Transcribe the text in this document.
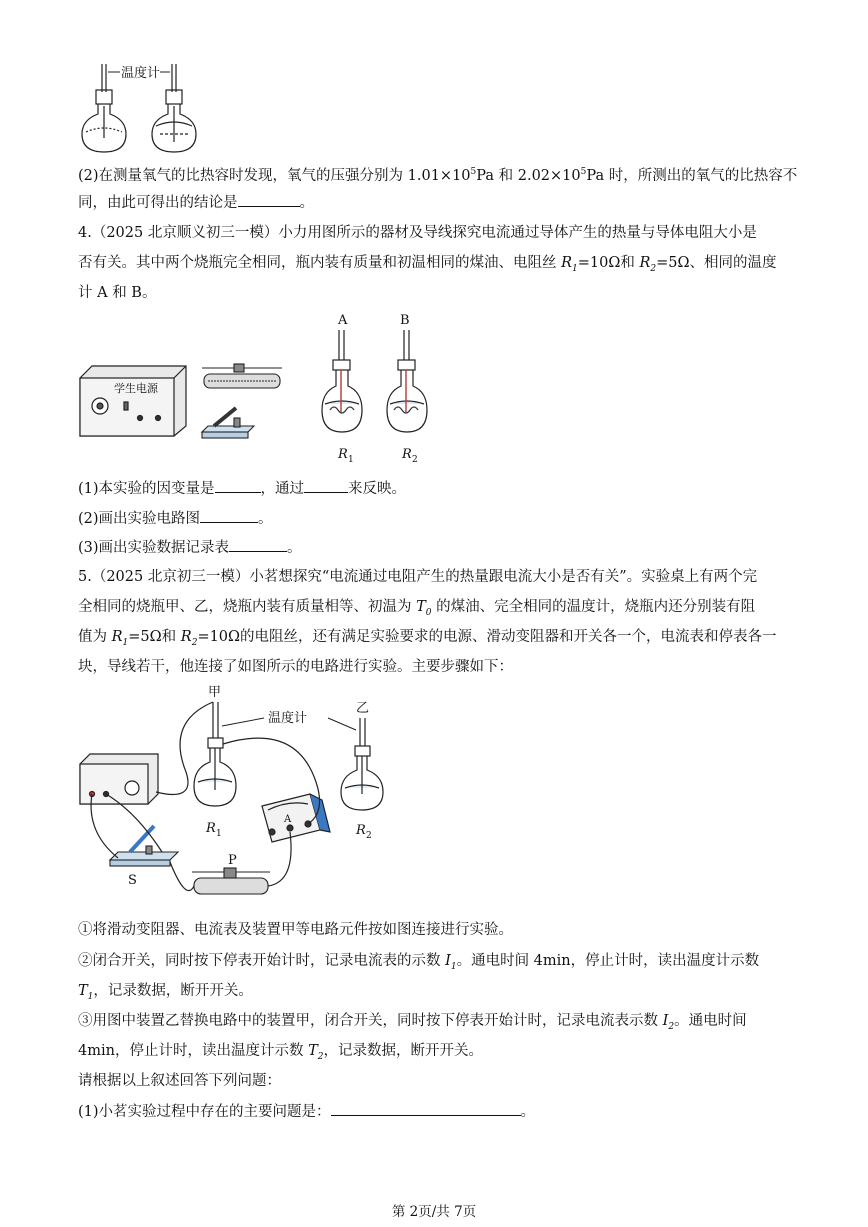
温度计
(2)在测量氧气的比热容时发现，氧气的压强分别为 $1.01\times 10^5Pa$ 和 $2.02\times 10^5Pa$ 时，所测出的氧气的比热容不
同，由此可得出的结论是	。
4.（2025 北京顺义初三一模）小力用图所示的器材及导线探究电流通过导体产生的热量与导体电阻大小是
否有关。其中两个烧瓶完全相同，瓶内装有质量和初温相同的煤油、电阻丝 $R_1=10\Omega$和 $R_2=5\Omega$、相同的温度
计 A 和 B。
学生电源
A	B
R 1	R 2
(1)本实验的因变量是	，通过	来反映。
(2)画出实验电路图	。
(3)画出实验数据记录表	。
5.（2025 北京初三一模）小茗想探究“电流通过电阻产生的热量跟电流大小是否有关”。实验桌上有两个完
全相同的烧瓶甲、乙，烧瓶内装有质量相等、初温为 $T_0$ 的煤油、完全相同的温度计，烧瓶内还分别装有阻
值为 $R_1=5\Omega$和 $R_2=10\Omega$的电阻丝，还有满足实验要求的电源、滑动变阻器和开关各一个，电流表和停表各一
块，导线若干，他连接了如图所示的电路进行实验。主要步骤如下：
甲
乙
温度计
R 1	R 2
A
S
P
①将滑动变阻器、电流表及装置甲等电路元件按如图连接进行实验。
②闭合开关，同时按下停表开始计时，记录电流表的示数 $I_1$。通电时间 4min，停止计时，读出温度计示数
$T_1$，记录数据，断开开关。
③用图中装置乙替换电路中的装置甲，闭合开关，同时按下停表开始计时，记录电流表示数 $I_2$。通电时间
4min，停止计时，读出温度计示数 $T_2$，记录数据，断开开关。
请根据以上叙述回答下列问题：
(1)小茗实验过程中存在的主要问题是：	。
第 2页/共 7页
